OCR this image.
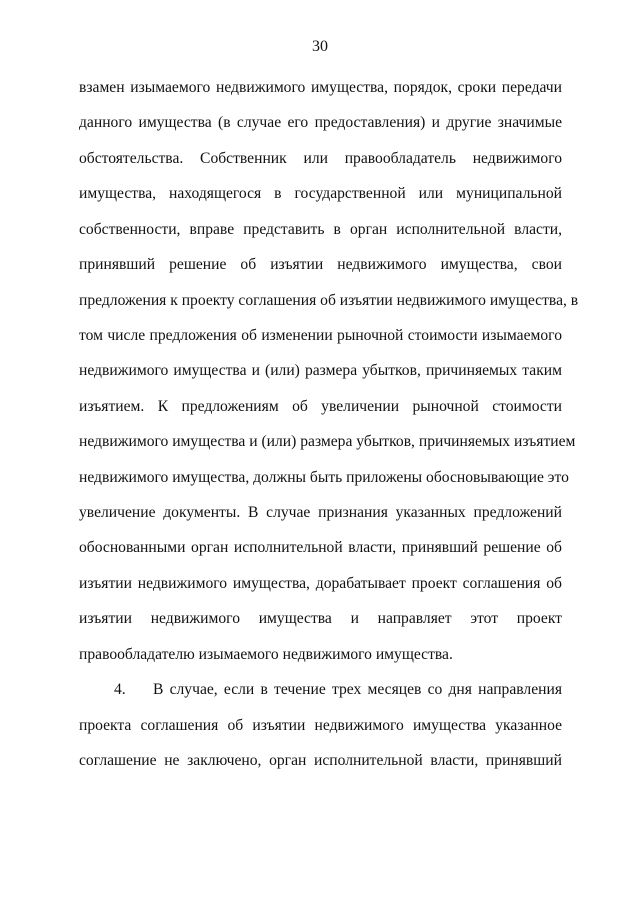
30
взамен изымаемого недвижимого имущества, порядок, сроки передачи
данного имущества (в случае его предоставления) и другие значимые
обстоятельства. Собственник или правообладатель недвижимого
имущества, находящегося в государственной или муниципальной
собственности, вправе представить в орган исполнительной власти,
принявший решение об изъятии недвижимого имущества, свои
предложения к проекту соглашения об изъятии недвижимого имущества, в
том числе предложения об изменении рыночной стоимости изымаемого
недвижимого имущества и (или) размера убытков, причиняемых таким
изъятием. К предложениям об увеличении рыночной стоимости
недвижимого имущества и (или) размера убытков, причиняемых изъятием
недвижимого имущества, должны быть приложены обосновывающие это
увеличение документы. В случае признания указанных предложений
обоснованными орган исполнительной власти, принявший решение об
изъятии недвижимого имущества, дорабатывает проект соглашения об
изъятии недвижимого имущества и направляет этот проект
правообладателю изымаемого недвижимого имущества.
4. В случае, если в течение трех месяцев со дня направления
проекта соглашения об изъятии недвижимого имущества указанное
соглашение не заключено, орган исполнительной власти, принявший
